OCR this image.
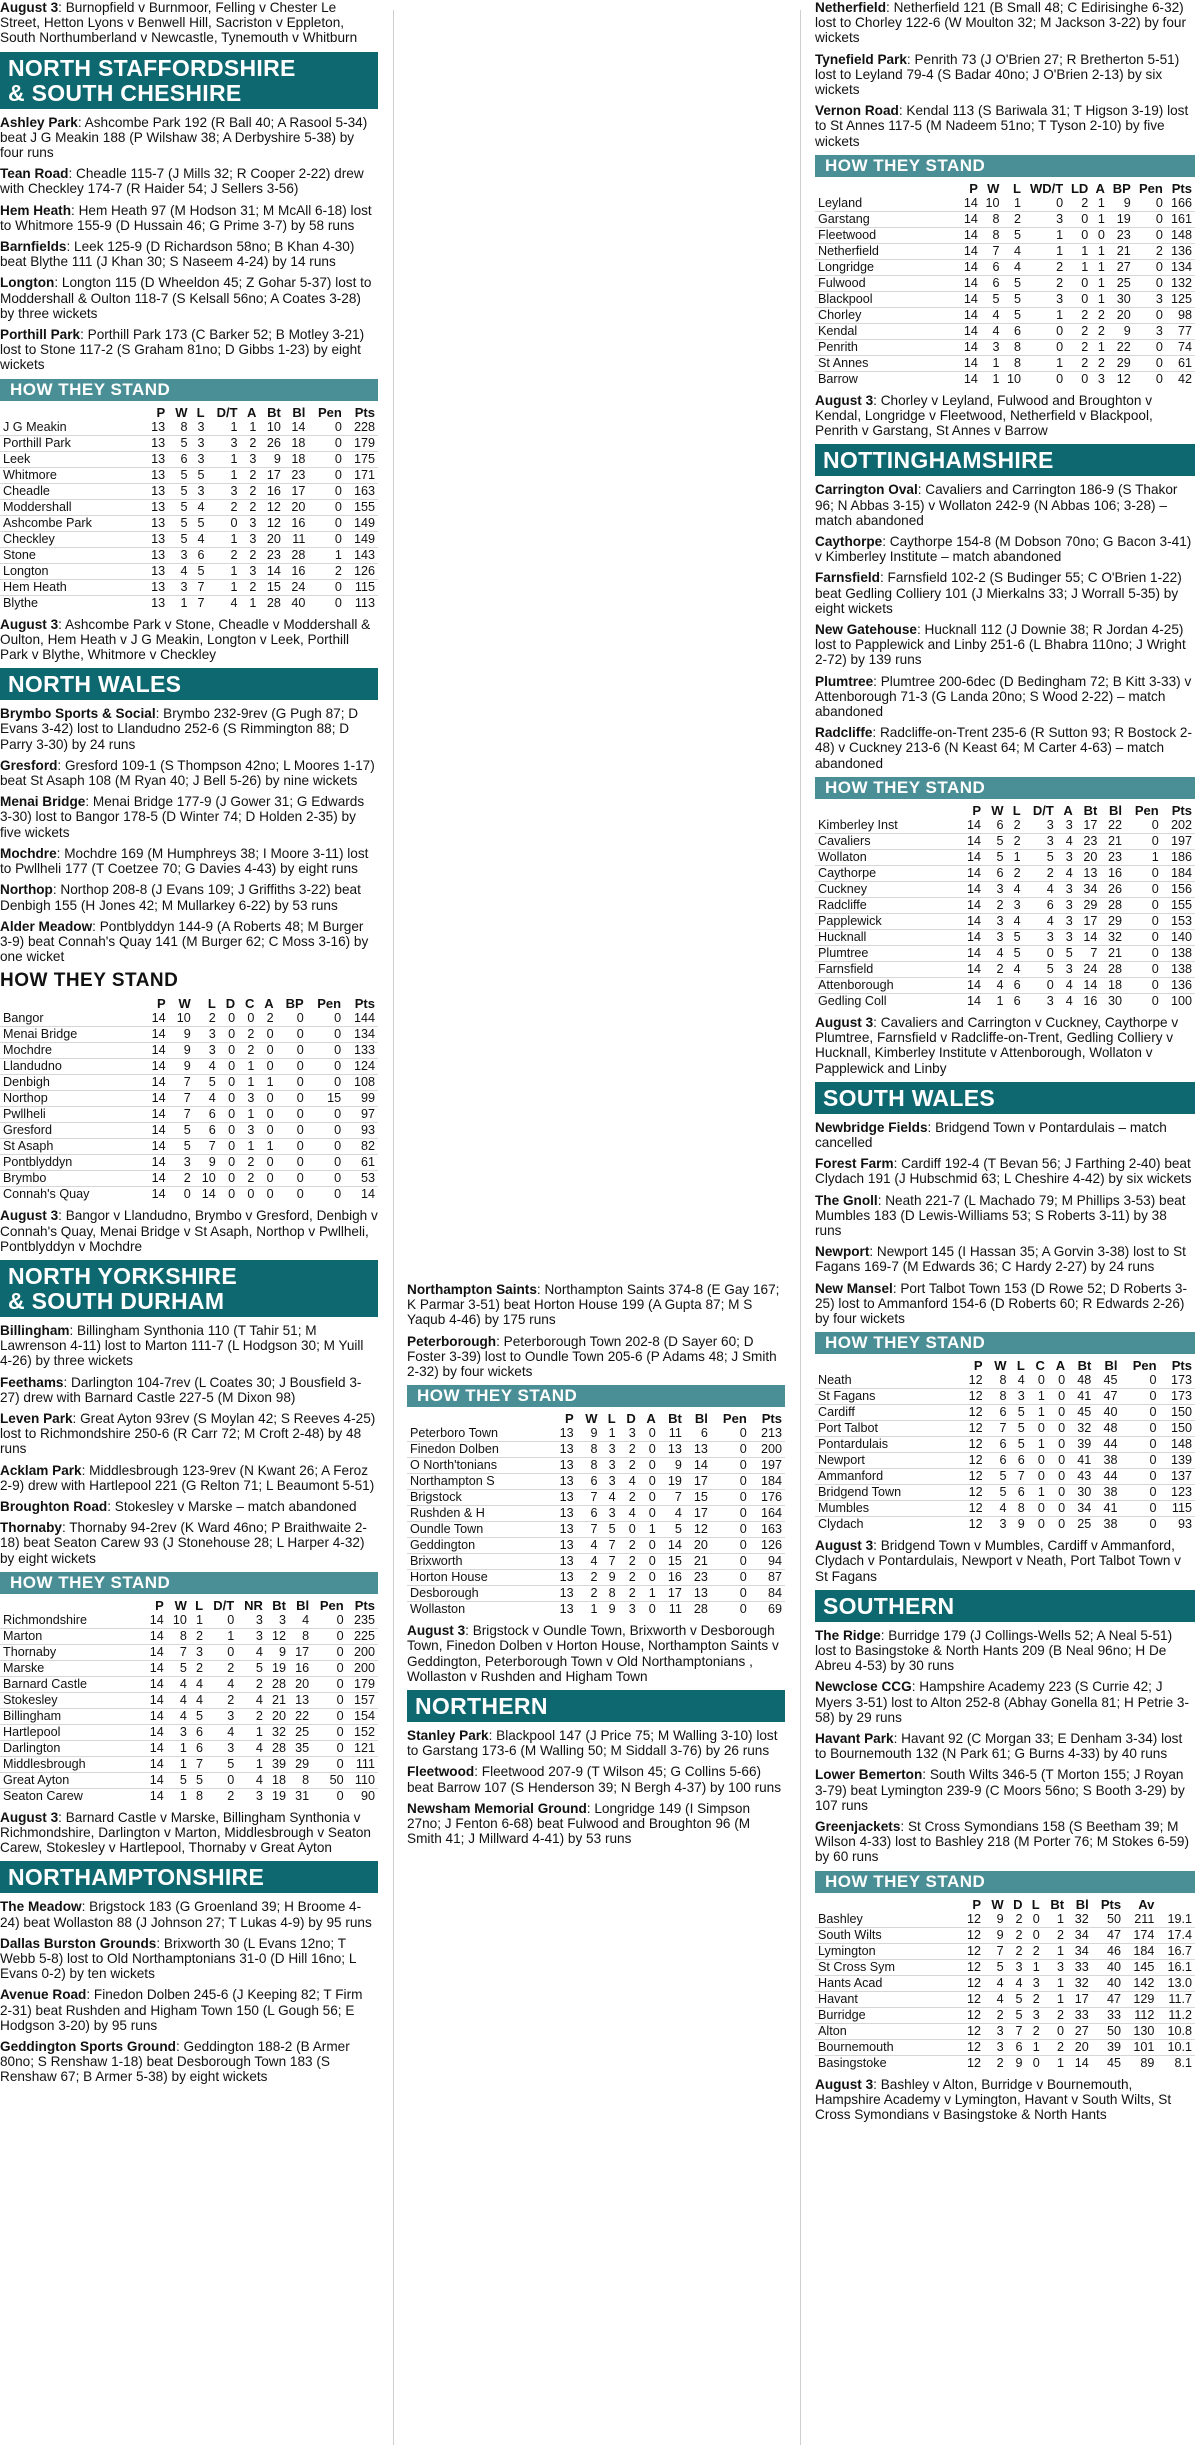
August 3: Burnopfield v Burnmoor, Felling v Chester Le Street, Hetton Lyons v Benwell Hill, Sacriston v Eppleton, South Northumberland v Newcastle, Tynemouth v Whitburn

NORTH STAFFORDSHIRE
& SOUTH CHESHIRE

Ashley Park: Ashcombe Park 192 (R Ball 40; A Rasool 5-34) beat J G Meakin 188 (P Wilshaw 38; A Derbyshire 5-38) by four runs

Tean Road: Cheadle 115-7 (J Mills 32; R Cooper 2-22) drew with Checkley 174-7 (R Haider 54; J Sellers 3-56)

Hem Heath: Hem Heath 97 (M Hodson 31; M McAll 6-18) lost to Whitmore 155-9 (D Hussain 46; G Prime 3-7) by 58 runs

Barnfields: Leek 125-9 (D Richardson 58no; B Khan 4-30) beat Blythe 111 (J Khan 30; S Naseem 4-24) by 14 runs

Longton: Longton 115 (D Wheeldon 45; Z Gohar 5-37) lost to Moddershall & Oulton 118-7 (S Kelsall 56no; A Coates 3-28) by three wickets

Porthill Park: Porthill Park 173 (C Barker 52; B Motley 3-21) lost to Stone 117-2 (S Graham 81no; D Gibbs 1-23) by eight wickets

HOW THEY STAND
	P	W	L	D/T	A	Bt	Bl	Pen	Pts
J G Meakin	13	8	3	1	1	10	14	0	228
Porthill Park	13	5	3	3	2	26	18	0	179
Leek	13	6	3	1	3	9	18	0	175
Whitmore	13	5	5	1	2	17	23	0	171
Cheadle	13	5	3	3	2	16	17	0	163
Moddershall	13	5	4	2	2	12	20	0	155
Ashcombe Park	13	5	5	0	3	12	16	0	149
Checkley	13	5	4	1	3	20	11	0	149
Stone	13	3	6	2	2	23	28	1	143
Longton	13	4	5	1	3	14	16	2	126
Hem Heath	13	3	7	1	2	15	24	0	115
Blythe	13	1	7	4	1	28	40	0	113

August 3: Ashcombe Park v Stone, Cheadle v Moddershall & Oulton, Hem Heath v J G Meakin, Longton v Leek, Porthill Park v Blythe, Whitmore v Checkley

NORTH WALES

Brymbo Sports & Social: Brymbo 232-9rev (G Pugh 87; D Evans 3-42) lost to Llandudno 252-6 (S Rimmington 88; D Parry 3-30) by 24 runs

Gresford: Gresford 109-1 (S Thompson 42no; L Moores 1-17) beat St Asaph 108 (M Ryan 40; J Bell 5-26) by nine wickets

Menai Bridge: Menai Bridge 177-9 (J Gower 31; G Edwards 3-30) lost to Bangor 178-5 (D Winter 74; D Holden 2-35) by five wickets

Mochdre: Mochdre 169 (M Humphreys 38; I Moore 3-11) lost to Pwllheli 177 (T Coetzee 70; G Davies 4-43) by eight runs

Northop: Northop 208-8 (J Evans 109; J Griffiths 3-22) beat Denbigh 155 (H Jones 42; M Mullarkey 6-22) by 53 runs

Alder Meadow: Pontblyddyn 144-9 (A Roberts 48; M Burger 3-9) beat Connah's Quay 141 (M Burger 62; C Moss 3-16) by one wicket

HOW THEY STAND
	P	W	L	D	C	A	BP	Pen	Pts
Bangor	14	10	2	0	0	2	0	0	144
Menai Bridge	14	9	3	0	2	0	0	0	134
Mochdre	14	9	3	0	2	0	0	0	133
Llandudno	14	9	4	0	1	0	0	0	124
Denbigh	14	7	5	0	1	1	0	0	108
Northop	14	7	4	0	3	0	0	15	99
Pwllheli	14	7	6	0	1	0	0	0	97
Gresford	14	5	6	0	3	0	0	0	93
St Asaph	14	5	7	0	1	1	0	0	82
Pontblyddyn	14	3	9	0	2	0	0	0	61
Brymbo	14	2	10	0	2	0	0	0	53
Connah's Quay	14	0	14	0	0	0	0	0	14

August 3: Bangor v Llandudno, Brymbo v Gresford, Denbigh v Connah's Quay, Menai Bridge v St Asaph, Northop v Pwllheli, Pontblyddyn v Mochdre

NORTH YORKSHIRE
& SOUTH DURHAM

Billingham: Billingham Synthonia 110 (T Tahir 51; M Lawrenson 4-11) lost to Marton 111-7 (L Hodgson 30; M Yuill 4-26) by three wickets

Feethams: Darlington 104-7rev (L Coates 30; J Bousfield 3-27) drew with Barnard Castle 227-5 (M Dixon 98)

Leven Park: Great Ayton 93rev (S Moylan 42; S Reeves 4-25) lost to Richmondshire 250-6 (R Carr 72; M Croft 2-48) by 48 runs

Acklam Park: Middlesbrough 123-9rev (N Kwant 26; A Feroz 2-9) drew with Hartlepool 221 (G Relton 71; L Beaumont 5-51)

Broughton Road: Stokesley v Marske – match abandoned

Thornaby: Thornaby 94-2rev (K Ward 46no; P Braithwaite 2-18) beat Seaton Carew 93 (J Stonehouse 28; L Harper 4-32) by eight wickets

HOW THEY STAND
	P	W	L	D/T	NR	Bt	Bl	Pen	Pts
Richmondshire	14	10	1	0	3	3	4	0	235
Marton	14	8	2	1	3	12	8	0	225
Thornaby	14	7	3	0	4	9	17	0	200
Marske	14	5	2	2	5	19	16	0	200
Barnard Castle	14	4	4	4	2	28	20	0	179
Stokesley	14	4	4	2	4	21	13	0	157
Billingham	14	4	5	3	2	20	22	0	154
Hartlepool	14	3	6	4	1	32	25	0	152
Darlington	14	1	6	3	4	28	35	0	121
Middlesbrough	14	1	7	5	1	39	29	0	111
Great Ayton	14	5	5	0	4	18	8	50	110
Seaton Carew	14	1	8	2	3	19	31	0	90

August 3: Barnard Castle v Marske, Billingham Synthonia v Richmondshire, Darlington v Marton, Middlesbrough v Seaton Carew, Stokesley v Hartlepool, Thornaby v Great Ayton

NORTHAMPTONSHIRE

The Meadow: Brigstock 183 (G Groenland 39; H Broome 4-24) beat Wollaston 88 (J Johnson 27; T Lukas 4-9) by 95 runs

Dallas Burston Grounds: Brixworth 30 (L Evans 12no; T Webb 5-8) lost to Old Northamptonians 31-0 (D Hill 16no; L Evans 0-2) by ten wickets

Avenue Road: Finedon Dolben 245-6 (J Keeping 82; T Firm 2-31) beat Rushden and Higham Town 150 (L Gough 56; E Hodgson 3-20) by 95 runs

Geddington Sports Ground: Geddington 188-2 (B Armer 80no; S Renshaw 1-18) beat Desborough Town 183 (S Renshaw 67; B Armer 5-38) by eight wickets

Northampton Saints: Northampton Saints 374-8 (E Gay 167; K Parmar 3-51) beat Horton House 199 (A Gupta 87; M S Yaqub 4-46) by 175 runs

Peterborough: Peterborough Town 202-8 (D Sayer 60; D Foster 3-39) lost to Oundle Town 205-6 (P Adams 48; J Smith 2-32) by four wickets

HOW THEY STAND
	P	W	L	D	A	Bt	Bl	Pen	Pts
Peterboro Town	13	9	1	3	0	11	6	0	213
Finedon Dolben	13	8	3	2	0	13	13	0	200
O North'tonians	13	8	3	2	0	9	14	0	197
Northampton S	13	6	3	4	0	19	17	0	184
Brigstock	13	7	4	2	0	7	15	0	176
Rushden & H	13	6	3	4	0	4	17	0	164
Oundle Town	13	7	5	0	1	5	12	0	163
Geddington	13	4	7	2	0	14	20	0	126
Brixworth	13	4	7	2	0	15	21	0	94
Horton House	13	2	9	2	0	16	23	0	87
Desborough	13	2	8	2	1	17	13	0	84
Wollaston	13	1	9	3	0	11	28	0	69

August 3: Brigstock v Oundle Town, Brixworth v Desborough Town, Finedon Dolben v Horton House, Northampton Saints v Geddington, Peterborough Town v Old Northamptonians , Wollaston v Rushden and Higham Town

NORTHERN

Stanley Park: Blackpool 147 (J Price 75; M Walling 3-10) lost to Garstang 173-6 (M Walling 50; M Siddall 3-76) by 26 runs

Fleetwood: Fleetwood 207-9 (T Wilson 45; G Collins 5-66) beat Barrow 107 (S Henderson 39; N Bergh 4-37) by 100 runs

Newsham Memorial Ground: Longridge 149 (I Simpson 27no; J Fenton 6-68) beat Fulwood and Broughton 96 (M Smith 41; J Millward 4-41) by 53 runs

Netherfield: Netherfield 121 (B Small 48; C Edirisinghe 6-32) lost to Chorley 122-6 (W Moulton 32; M Jackson 3-22) by four wickets

Tynefield Park: Penrith 73 (J O'Brien 27; R Bretherton 5-51) lost to Leyland 79-4 (S Badar 40no; J O'Brien 2-13) by six wickets

Vernon Road: Kendal 113 (S Bariwala 31; T Higson 3-19) lost to St Annes 117-5 (M Nadeem 51no; T Tyson 2-10) by five wickets

HOW THEY STAND
	P	W	L	WD/T	LD	A	BP	Pen	Pts
Leyland	14	10	1	0	2	1	9	0	166
Garstang	14	8	2	3	0	1	19	0	161
Fleetwood	14	8	5	1	0	0	23	0	148
Netherfield	14	7	4	1	1	1	21	2	136
Longridge	14	6	4	2	1	1	27	0	134
Fulwood	14	6	5	2	0	1	25	0	132
Blackpool	14	5	5	3	0	1	30	3	125
Chorley	14	4	5	1	2	2	20	0	98
Kendal	14	4	6	0	2	2	9	3	77
Penrith	14	3	8	0	2	1	22	0	74
St Annes	14	1	8	1	2	2	29	0	61
Barrow	14	1	10	0	0	3	12	0	42

August 3: Chorley v Leyland, Fulwood and Broughton v Kendal, Longridge v Fleetwood, Netherfield v Blackpool, Penrith v Garstang, St Annes v Barrow

NOTTINGHAMSHIRE

Carrington Oval: Cavaliers and Carrington 186-9 (S Thakor 96; N Abbas 3-15) v Wollaton 242-9 (N Abbas 106; 3-28) – match abandoned

Caythorpe: Caythorpe 154-8 (M Dobson 70no; G Bacon 3-41) v Kimberley Institute – match abandoned

Farnsfield: Farnsfield 102-2 (S Budinger 55; C O'Brien 1-22) beat Gedling Colliery 101 (J Mierkalns 33; J Worrall 5-35) by eight wickets

New Gatehouse: Hucknall 112 (J Downie 38; R Jordan 4-25) lost to Papplewick and Linby 251-6 (L Bhabra 110no; J Wright 2-72) by 139 runs

Plumtree: Plumtree 200-6dec (D Bedingham 72; B Kitt 3-33) v Attenborough 71-3 (G Landa 20no; S Wood 2-22) – match abandoned

Radcliffe: Radcliffe-on-Trent 235-6 (R Sutton 93; R Bostock 2-48) v Cuckney 213-6 (N Keast 64; M Carter 4-63) – match abandoned

HOW THEY STAND
	P	W	L	D/T	A	Bt	Bl	Pen	Pts
Kimberley Inst	14	6	2	3	3	17	22	0	202
Cavaliers	14	5	2	3	4	23	21	0	197
Wollaton	14	5	1	5	3	20	23	1	186
Caythorpe	14	6	2	2	4	13	16	0	184
Cuckney	14	3	4	4	3	34	26	0	156
Radcliffe	14	2	3	6	3	29	28	0	155
Papplewick	14	3	4	4	3	17	29	0	153
Hucknall	14	3	5	3	3	14	32	0	140
Plumtree	14	4	5	0	5	7	21	0	138
Farnsfield	14	2	4	5	3	24	28	0	138
Attenborough	14	4	6	0	4	14	18	0	136
Gedling Coll	14	1	6	3	4	16	30	0	100

August 3: Cavaliers and Carrington v Cuckney, Caythorpe v Plumtree, Farnsfield v Radcliffe-on-Trent, Gedling Colliery v Hucknall, Kimberley Institute v Attenborough, Wollaton v Papplewick and Linby

SOUTH WALES

Newbridge Fields: Bridgend Town v Pontardulais – match cancelled

Forest Farm: Cardiff 192-4 (T Bevan 56; J Farthing 2-40) beat Clydach 191 (J Hubschmid 63; L Cheshire 4-42) by six wickets

The Gnoll: Neath 221-7 (L Machado 79; M Phillips 3-53) beat Mumbles 183 (D Lewis-Williams 53; S Roberts 3-11) by 38 runs

Newport: Newport 145 (I Hassan 35; A Gorvin 3-38) lost to St Fagans 169-7 (M Edwards 36; C Hardy 2-27) by 24 runs

New Mansel: Port Talbot Town 153 (D Rowe 52; D Roberts 3-25) lost to Ammanford 154-6 (D Roberts 60; R Edwards 2-26) by four wickets

HOW THEY STAND
	P	W	L	C	A	Bt	Bl	Pen	Pts
Neath	12	8	4	0	0	48	45	0	173
St Fagans	12	8	3	1	0	41	47	0	173
Cardiff	12	6	5	1	0	45	40	0	150
Port Talbot	12	7	5	0	0	32	48	0	150
Pontardulais	12	6	5	1	0	39	44	0	148
Newport	12	6	6	0	0	41	38	0	139
Ammanford	12	5	7	0	0	43	44	0	137
Bridgend Town	12	5	6	1	0	30	38	0	123
Mumbles	12	4	8	0	0	34	41	0	115
Clydach	12	3	9	0	0	25	38	0	93

August 3: Bridgend Town v Mumbles, Cardiff v Ammanford, Clydach v Pontardulais, Newport v Neath, Port Talbot Town v St Fagans

SOUTHERN

The Ridge: Burridge 179 (J Collings-Wells 52; A Neal 5-51) lost to Basingstoke & North Hants 209 (B Neal 96no; H De Abreu 4-53) by 30 runs

Newclose CCG: Hampshire Academy 223 (S Currie 42; J Myers 3-51) lost to Alton 252-8 (Abhay Gonella 81; H Petrie 3-58) by 29 runs

Havant Park: Havant 92 (C Morgan 33; E Denham 3-34) lost to Bournemouth 132 (N Park 61; G Burns 4-33) by 40 runs

Lower Bemerton: South Wilts 346-5 (T Morton 155; J Royan 3-79) beat Lymington 239-9 (C Moors 56no; S Booth 3-29) by 107 runs

Greenjackets: St Cross Symondians 158 (S Beetham 39; M Wilson 4-33) lost to Bashley 218 (M Porter 76; M Stokes 6-59) by 60 runs

HOW THEY STAND
	P	W	D	L	Bt	Bl	Pts	Av	
Bashley	12	9	2	0	1	32	50	211	19.1
South Wilts	12	9	2	0	2	34	47	174	17.4
Lymington	12	7	2	2	1	34	46	184	16.7
St Cross Sym	12	5	3	1	3	33	40	145	16.1
Hants Acad	12	4	4	3	1	32	40	142	13.0
Havant	12	4	5	2	1	17	47	129	11.7
Burridge	12	2	5	3	2	33	33	112	11.2
Alton	12	3	7	2	0	27	50	130	10.8
Bournemouth	12	3	6	1	2	20	39	101	10.1
Basingstoke	12	2	9	0	1	14	45	89	8.1

August 3: Bashley v Alton, Burridge v Bournemouth, Hampshire Academy v Lymington, Havant v South Wilts, St Cross Symondians v Basingstoke & North Hants
